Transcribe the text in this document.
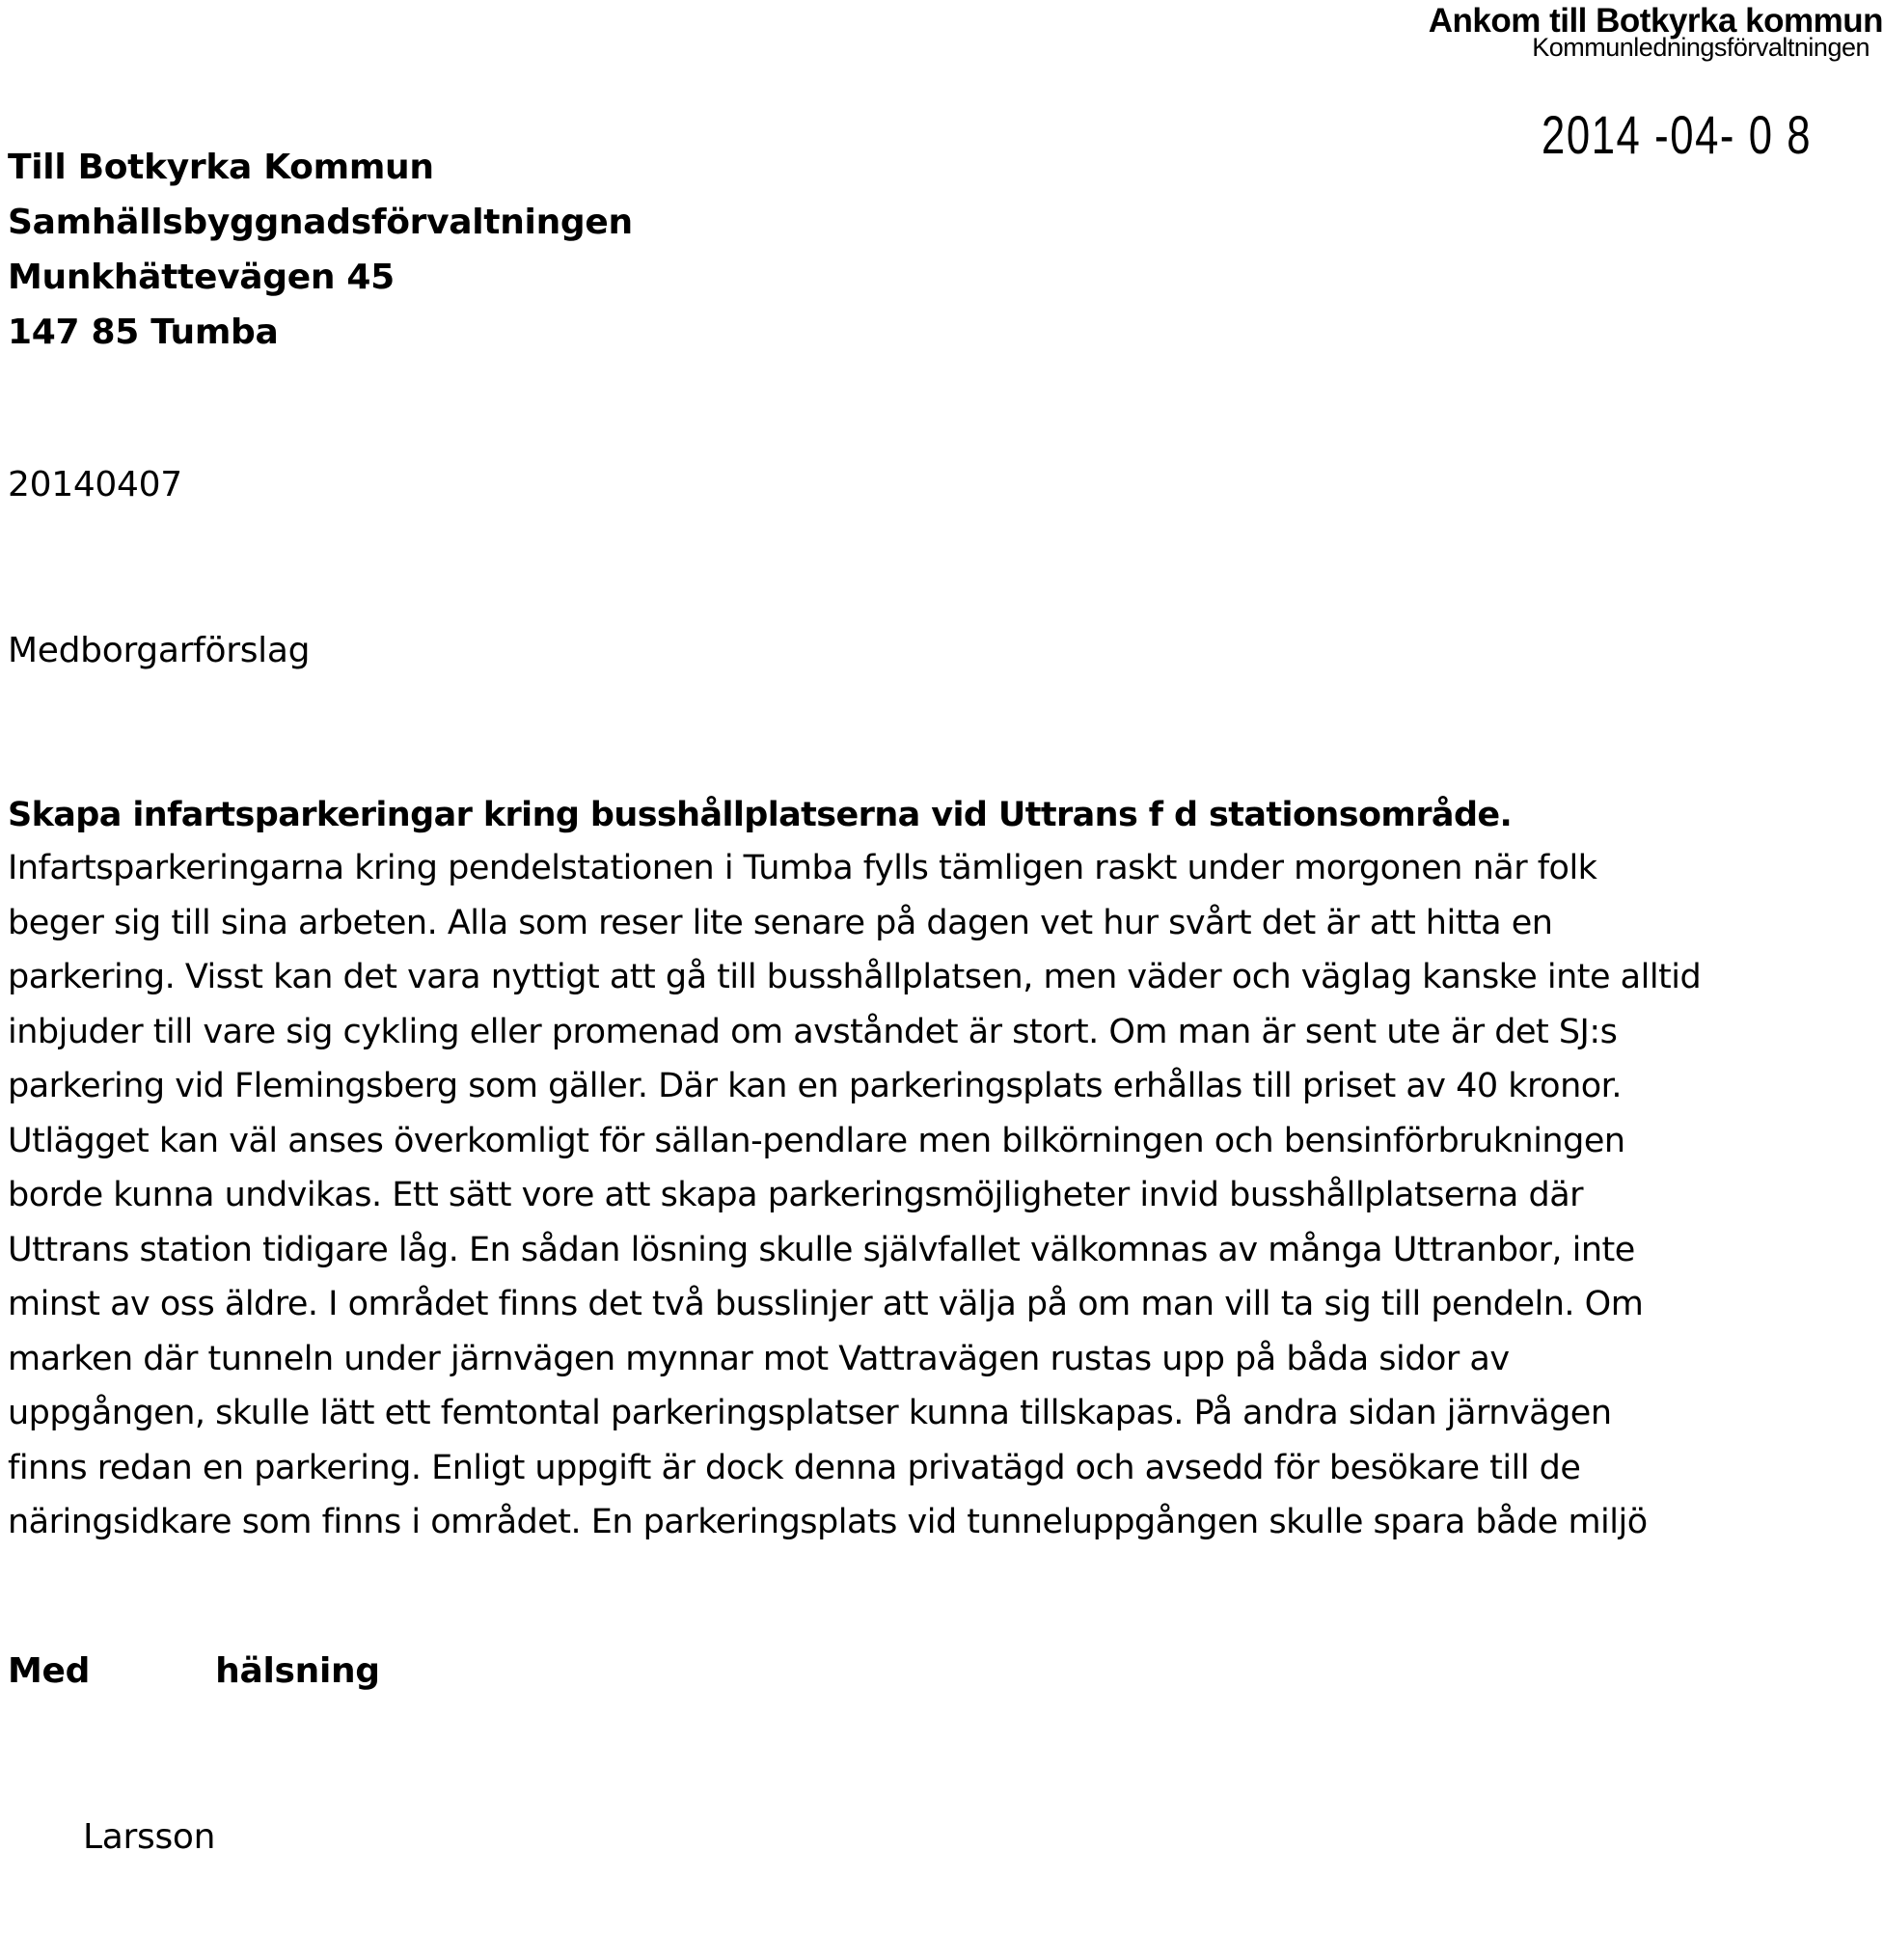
Ankom till Botkyrka kommun
Kommunledningsförvaltningen
2014 -04- 0 8
Till Botkyrka Kommun
Samhällsbyggnadsförvaltningen
Munkhättevägen 45
147 85 Tumba
20140407
Medborgarförslag
Skapa infartsparkeringar kring busshållplatserna vid Uttrans f d stationsområde.
Infartsparkeringarna kring pendelstationen i Tumba fylls tämligen raskt under morgonen när folk
beger sig till sina arbeten. Alla som reser lite senare på dagen vet hur svårt det är att hitta en
parkering. Visst kan det vara nyttigt att gå till busshållplatsen, men väder och väglag kanske inte alltid
inbjuder till vare sig cykling eller promenad om avståndet är stort. Om man är sent ute är det SJ:s
parkering vid Flemingsberg som gäller. Där kan en parkeringsplats erhållas till priset av 40 kronor.
Utlägget kan väl anses överkomligt för sällan-pendlare men bilkörningen och bensinförbrukningen
borde kunna undvikas. Ett sätt vore att skapa parkeringsmöjligheter invid busshållplatserna där
Uttrans station tidigare låg. En sådan lösning skulle självfallet välkomnas av många Uttranbor, inte
minst av oss äldre. I området finns det två busslinjer att välja på om man vill ta sig till pendeln. Om
marken där tunneln under järnvägen mynnar mot Vattravägen rustas upp på båda sidor av
uppgången, skulle lätt ett femtontal parkeringsplatser kunna tillskapas. På andra sidan järnvägen
finns redan en parkering. Enligt uppgift är dock denna privatägd och avsedd för besökare till de
näringsidkare som finns i området. En parkeringsplats vid tunneluppgången skulle spara både miljö
Med	hälsning
Larsson
